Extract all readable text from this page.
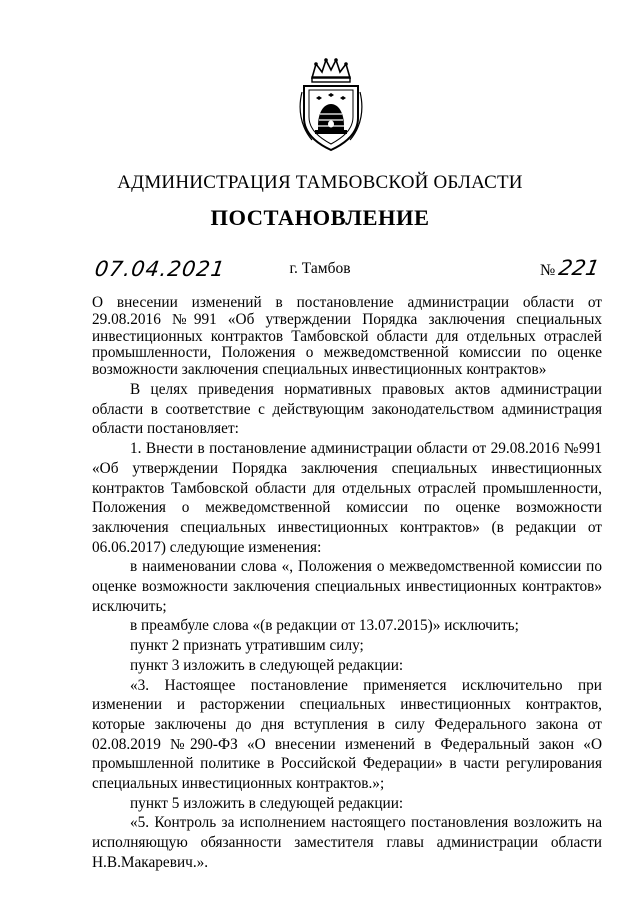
АДМИНИСТРАЦИЯ ТАМБОВСКОЙ ОБЛАСТИ
ПОСТАНОВЛЕНИЕ
07.04.2021	г. Тамбов	№221
О внесении изменений в постановление администрации области от 29.08.2016 №991 «Об утверждении Порядка заключения специальных инвестиционных контрактов Тамбовской области для отдельных отраслей промышленности, Положения о межведомственной комиссии по оценке возможности заключения специальных инвестиционных контрактов»

В целях приведения нормативных правовых актов администрации области в соответствие с действующим законодательством администрация области постановляет:

1. Внести в постановление администрации области от 29.08.2016 №991 «Об утверждении Порядка заключения специальных инвестиционных контрактов Тамбовской области для отдельных отраслей промышленности, Положения о межведомственной комиссии по оценке возможности заключения специальных инвестиционных контрактов» (в редакции от 06.06.2017) следующие изменения:

в наименовании слова «, Положения о межведомственной комиссии по оценке возможности заключения специальных инвестиционных контрактов» исключить;

в преамбуле слова «(в редакции от 13.07.2015)» исключить;

пункт 2 признать утратившим силу;

пункт 3 изложить в следующей редакции:

«3. Настоящее постановление применяется исключительно при изменении и расторжении специальных инвестиционных контрактов, которые заключены до дня вступления в силу Федерального закона от 02.08.2019 №290-ФЗ «О внесении изменений в Федеральный закон «О промышленной политике в Российской Федерации» в части регулирования специальных инвестиционных контрактов.»;

пункт 5 изложить в следующей редакции:

«5. Контроль за исполнением настоящего постановления возложить на исполняющую обязанности заместителя главы администрации области Н.В.Макаревич.».
